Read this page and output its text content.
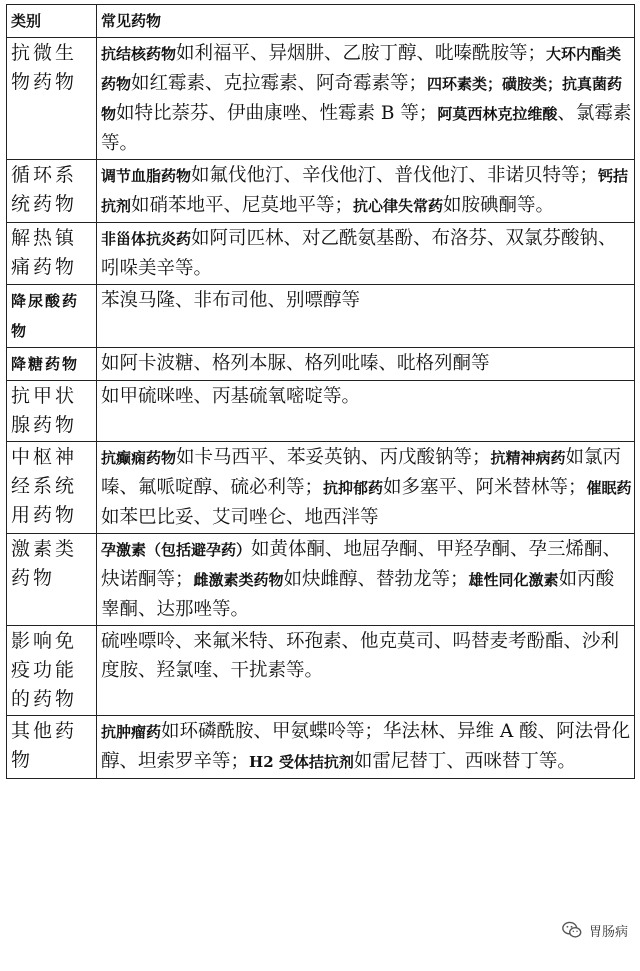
类别	常见药物
抗微生物药物	抗结核药物如利福平、异烟肼、乙胺丁醇、吡嗪酰胺等；大环内酯类药物如红霉素、克拉霉素、阿奇霉素等；四环素类；磺胺类；抗真菌药物如特比萘芬、伊曲康唑、性霉素 B 等；阿莫西林克拉维酸、氯霉素等。
循环系统药物	调节血脂药物如氟伐他汀、辛伐他汀、普伐他汀、非诺贝特等；钙拮抗剂如硝苯地平、尼莫地平等；抗心律失常药如胺碘酮等。
解热镇痛药物	非甾体抗炎药如阿司匹林、对乙酰氨基酚、布洛芬、双氯芬酸钠、吲哚美辛等。
降尿酸药物	苯溴马隆、非布司他、别嘌醇等
降糖药物	如阿卡波糖、格列本脲、格列吡嗪、吡格列酮等
抗甲状腺药物	如甲硫咪唑、丙基硫氧嘧啶等。
中枢神经系统用药物	抗癫痫药物如卡马西平、苯妥英钠、丙戊酸钠等；抗精神病药如氯丙嗪、氟哌啶醇、硫必利等；抗抑郁药如多塞平、阿米替林等；催眠药如苯巴比妥、艾司唑仑、地西泮等
激素类药物	孕激素（包括避孕药）如黄体酮、地屈孕酮、甲羟孕酮、孕三烯酮、炔诺酮等；雌激素类药物如炔雌醇、替勃龙等；雄性同化激素如丙酸睾酮、达那唑等。
影响免疫功能的药物	硫唑嘌呤、来氟米特、环孢素、他克莫司、吗替麦考酚酯、沙利度胺、羟氯喹、干扰素等。
其他药物	抗肿瘤药如环磷酰胺、甲氨蝶呤等；华法林、异维 A 酸、阿法骨化醇、坦索罗辛等；H2 受体拮抗剂如雷尼替丁、西咪替丁等。
胃肠病
